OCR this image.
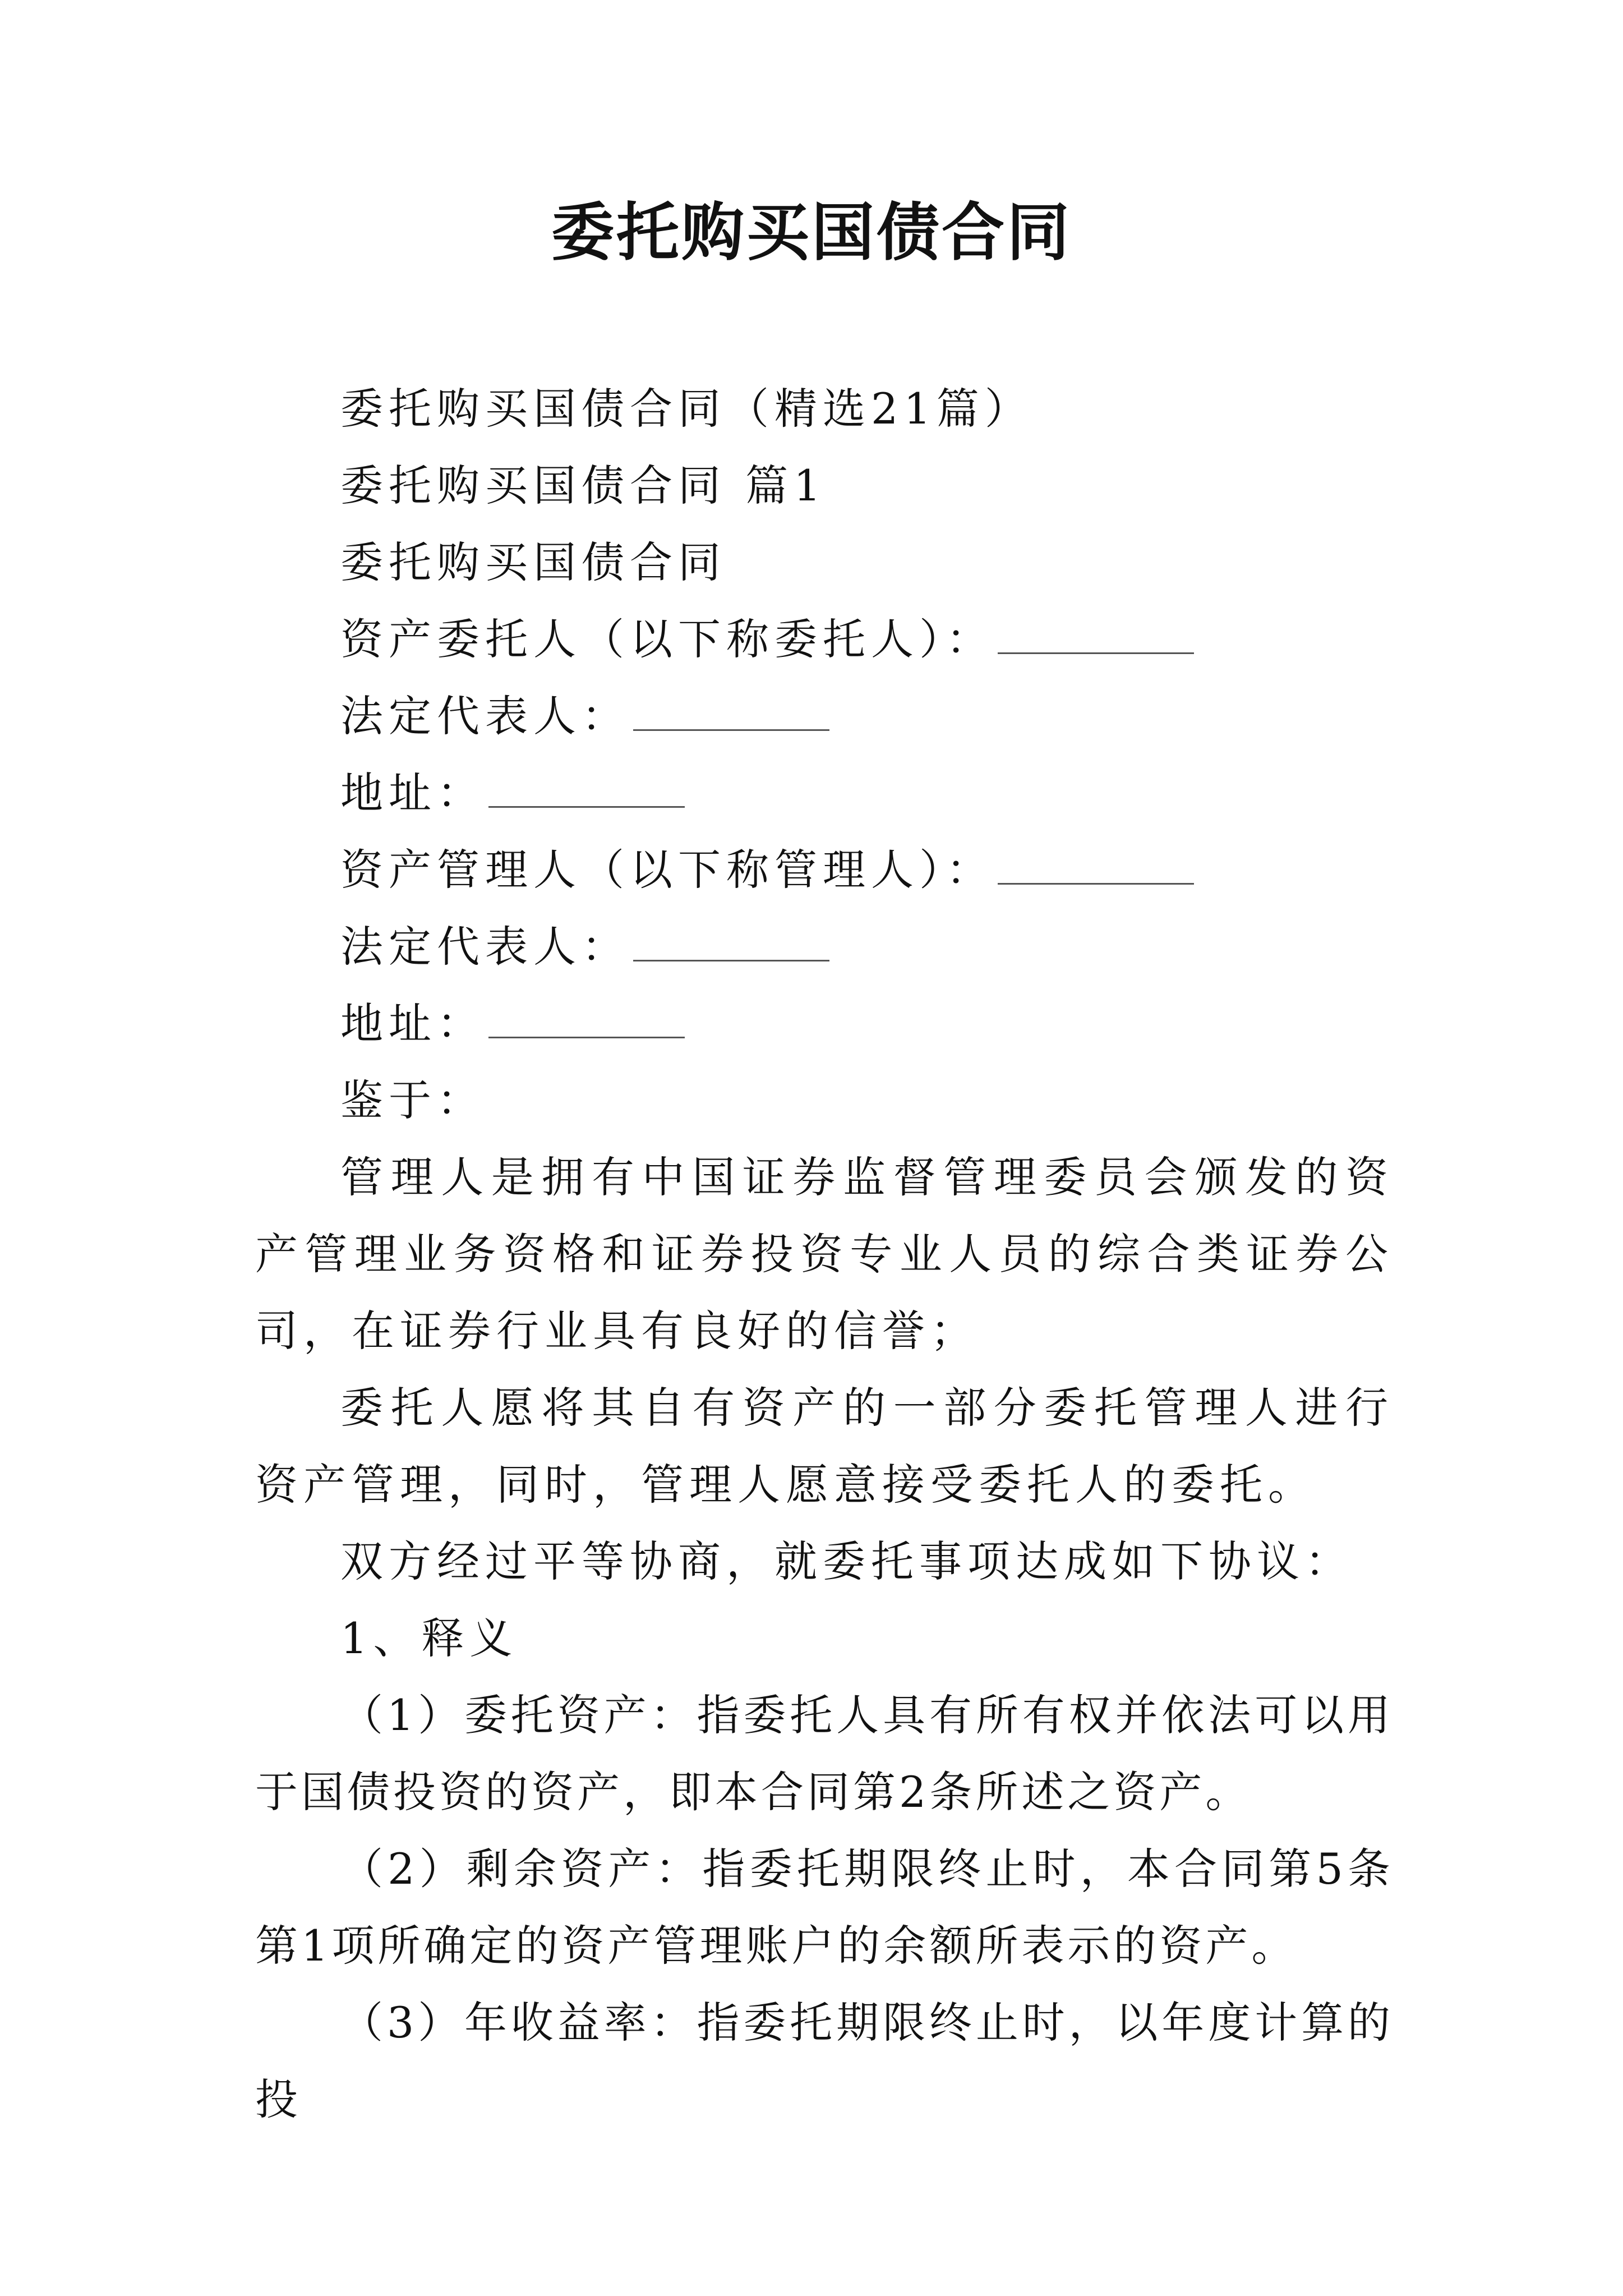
委托购买国债合同
委托购买国债合同（精选21篇）
委托购买国债合同 篇1
委托购买国债合同
资产委托人（以下称委托人）：
法定代表人：
地址：
资产管理人（以下称管理人）：
法定代表人：
地址：
鉴于：

管理人是拥有中国证券监督管理委员会颁发的资产管理业务资格和证券投资专业人员的综合类证券公司，在证券行业具有良好的信誉；

委托人愿将其自有资产的一部分委托管理人进行资产管理，同时，管理人愿意接受委托人的委托。

双方经过平等协商，就委托事项达成如下协议：

1、释义

（1）委托资产：指委托人具有所有权并依法可以用于国债投资的资产，即本合同第2条所述之资产。

（2）剩余资产：指委托期限终止时，本合同第5条第1项所确定的资产管理账户的余额所表示的资产。

（3）年收益率：指委托期限终止时，以年度计算的投
